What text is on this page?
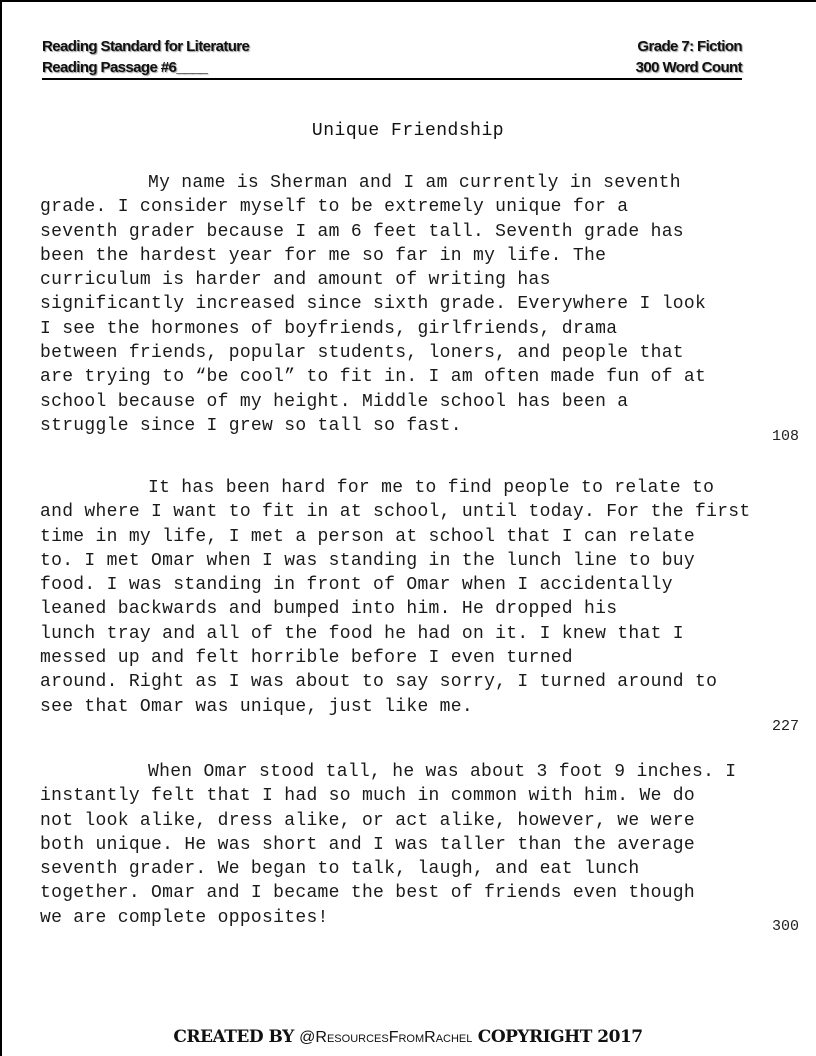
Reading Standard for Literature	Grade 7: Fiction
Reading Passage #6____	300 Word Count
Unique Friendship
My name is Sherman and I am currently in seventh
grade. I consider myself to be extremely unique for a
seventh grader because I am 6 feet tall. Seventh grade has
been the hardest year for me so far in my life. The
curriculum is harder and amount of writing has
significantly increased since sixth grade. Everywhere I look
I see the hormones of boyfriends, girlfriends, drama
between friends, popular students, loners, and people that
are trying to “be cool” to fit in. I am often made fun of at
school because of my height. Middle school has been a
struggle since I grew so tall so fast.
108
It has been hard for me to find people to relate to
and where I want to fit in at school, until today. For the first
time in my life, I met a person at school that I can relate
to. I met Omar when I was standing in the lunch line to buy
food. I was standing in front of Omar when I accidentally
leaned backwards and bumped into him. He dropped his
lunch tray and all of the food he had on it. I knew that I
messed up and felt horrible before I even turned
around. Right as I was about to say sorry, I turned around to
see that Omar was unique, just like me.
227
When Omar stood tall, he was about 3 foot 9 inches. I
instantly felt that I had so much in common with him. We do
not look alike, dress alike, or act alike, however, we were
both unique. He was short and I was taller than the average
seventh grader. We began to talk, laugh, and eat lunch
together. Omar and I became the best of friends even though
we are complete opposites!	300
CREATED BY @ResourcesFromRachel COPYRIGHT 2017
